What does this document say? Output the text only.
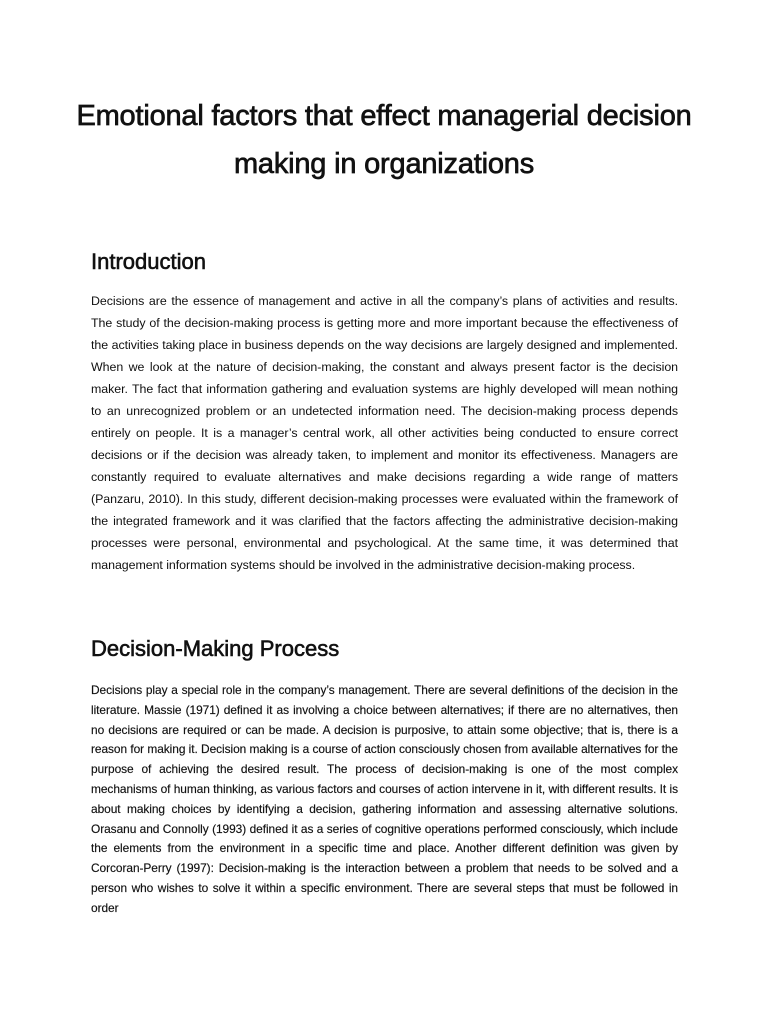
Emotional factors that effect managerial decision making in organizations
Introduction

Decisions are the essence of management and active in all the company’s plans of activities and results. The study of the decision-making process is getting more and more important because the effectiveness of the activities taking place in business depends on the way decisions are largely designed and implemented. When we look at the nature of decision-making, the constant and always present factor is the decision maker. The fact that information gathering and evaluation systems are highly developed will mean nothing to an unrecognized problem or an undetected information need. The decision-making process depends entirely on people. It is a manager’s central work, all other activities being conducted to ensure correct decisions or if the decision was already taken, to implement and monitor its effectiveness. Managers are constantly required to evaluate alternatives and make decisions regarding a wide range of matters (Panzaru, 2010). In this study, different decision-making processes were evaluated within the framework of the integrated framework and it was clarified that the factors affecting the administrative decision-making processes were personal, environmental and psychological. At the same time, it was determined that management information systems should be involved in the administrative decision-making process.

Decision-Making Process

Decisions play a special role in the company’s management. There are several definitions of the decision in the literature. Massie (1971) defined it as involving a choice between alternatives; if there are no alternatives, then no decisions are required or can be made. A decision is purposive, to attain some objective; that is, there is a reason for making it. Decision making is a course of action consciously chosen from available alternatives for the purpose of achieving the desired result. The process of decision-making is one of the most complex mechanisms of human thinking, as various factors and courses of action intervene in it, with different results. It is about making choices by identifying a decision, gathering information and assessing alternative solutions. Orasanu and Connolly (1993) defined it as a series of cognitive operations performed consciously, which include the elements from the environment in a specific time and place. Another different definition was given by Corcoran-Perry (1997): Decision-making is the interaction between a problem that needs to be solved and a person who wishes to solve it within a specific environment. There are several steps that must be followed in order
